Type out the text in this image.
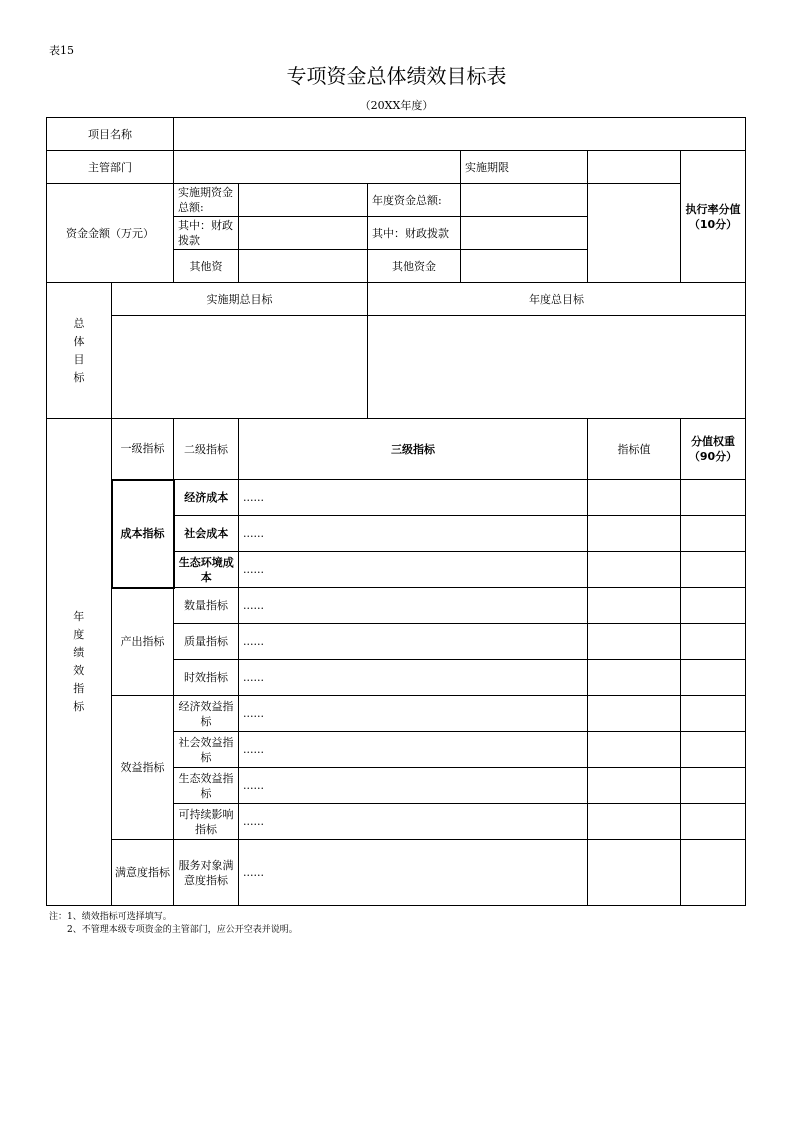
表15
专项资金总体绩效目标表
（20XX年度）
项目名称							
主管部门					实施期限		执行率分值（10分）
资金金额（万元）		实施期资金总额:		年度资金总额:			
		其中：财政拨款		其中：财政拨款			
		其他资		其他资金			
总体目标	实施期总目标			年度总目标			

年度绩效指标	一级指标	二级指标	三级指标			指标值	分值权重（90分）
	成本指标	经济成本	......				
		社会成本	......				
		生态环境成本	......				
	产出指标	数量指标	......				
		质量指标	......				
		时效指标	......				
	效益指标	经济效益指标	......				
		社会效益指标	......				
		生态效益指标	......				
		可持续影响指标	......				
	满意度指标	服务对象满意度指标	......				
注：1、绩效指标可选择填写。
2、不管理本级专项资金的主管部门，应公开空表并说明。
